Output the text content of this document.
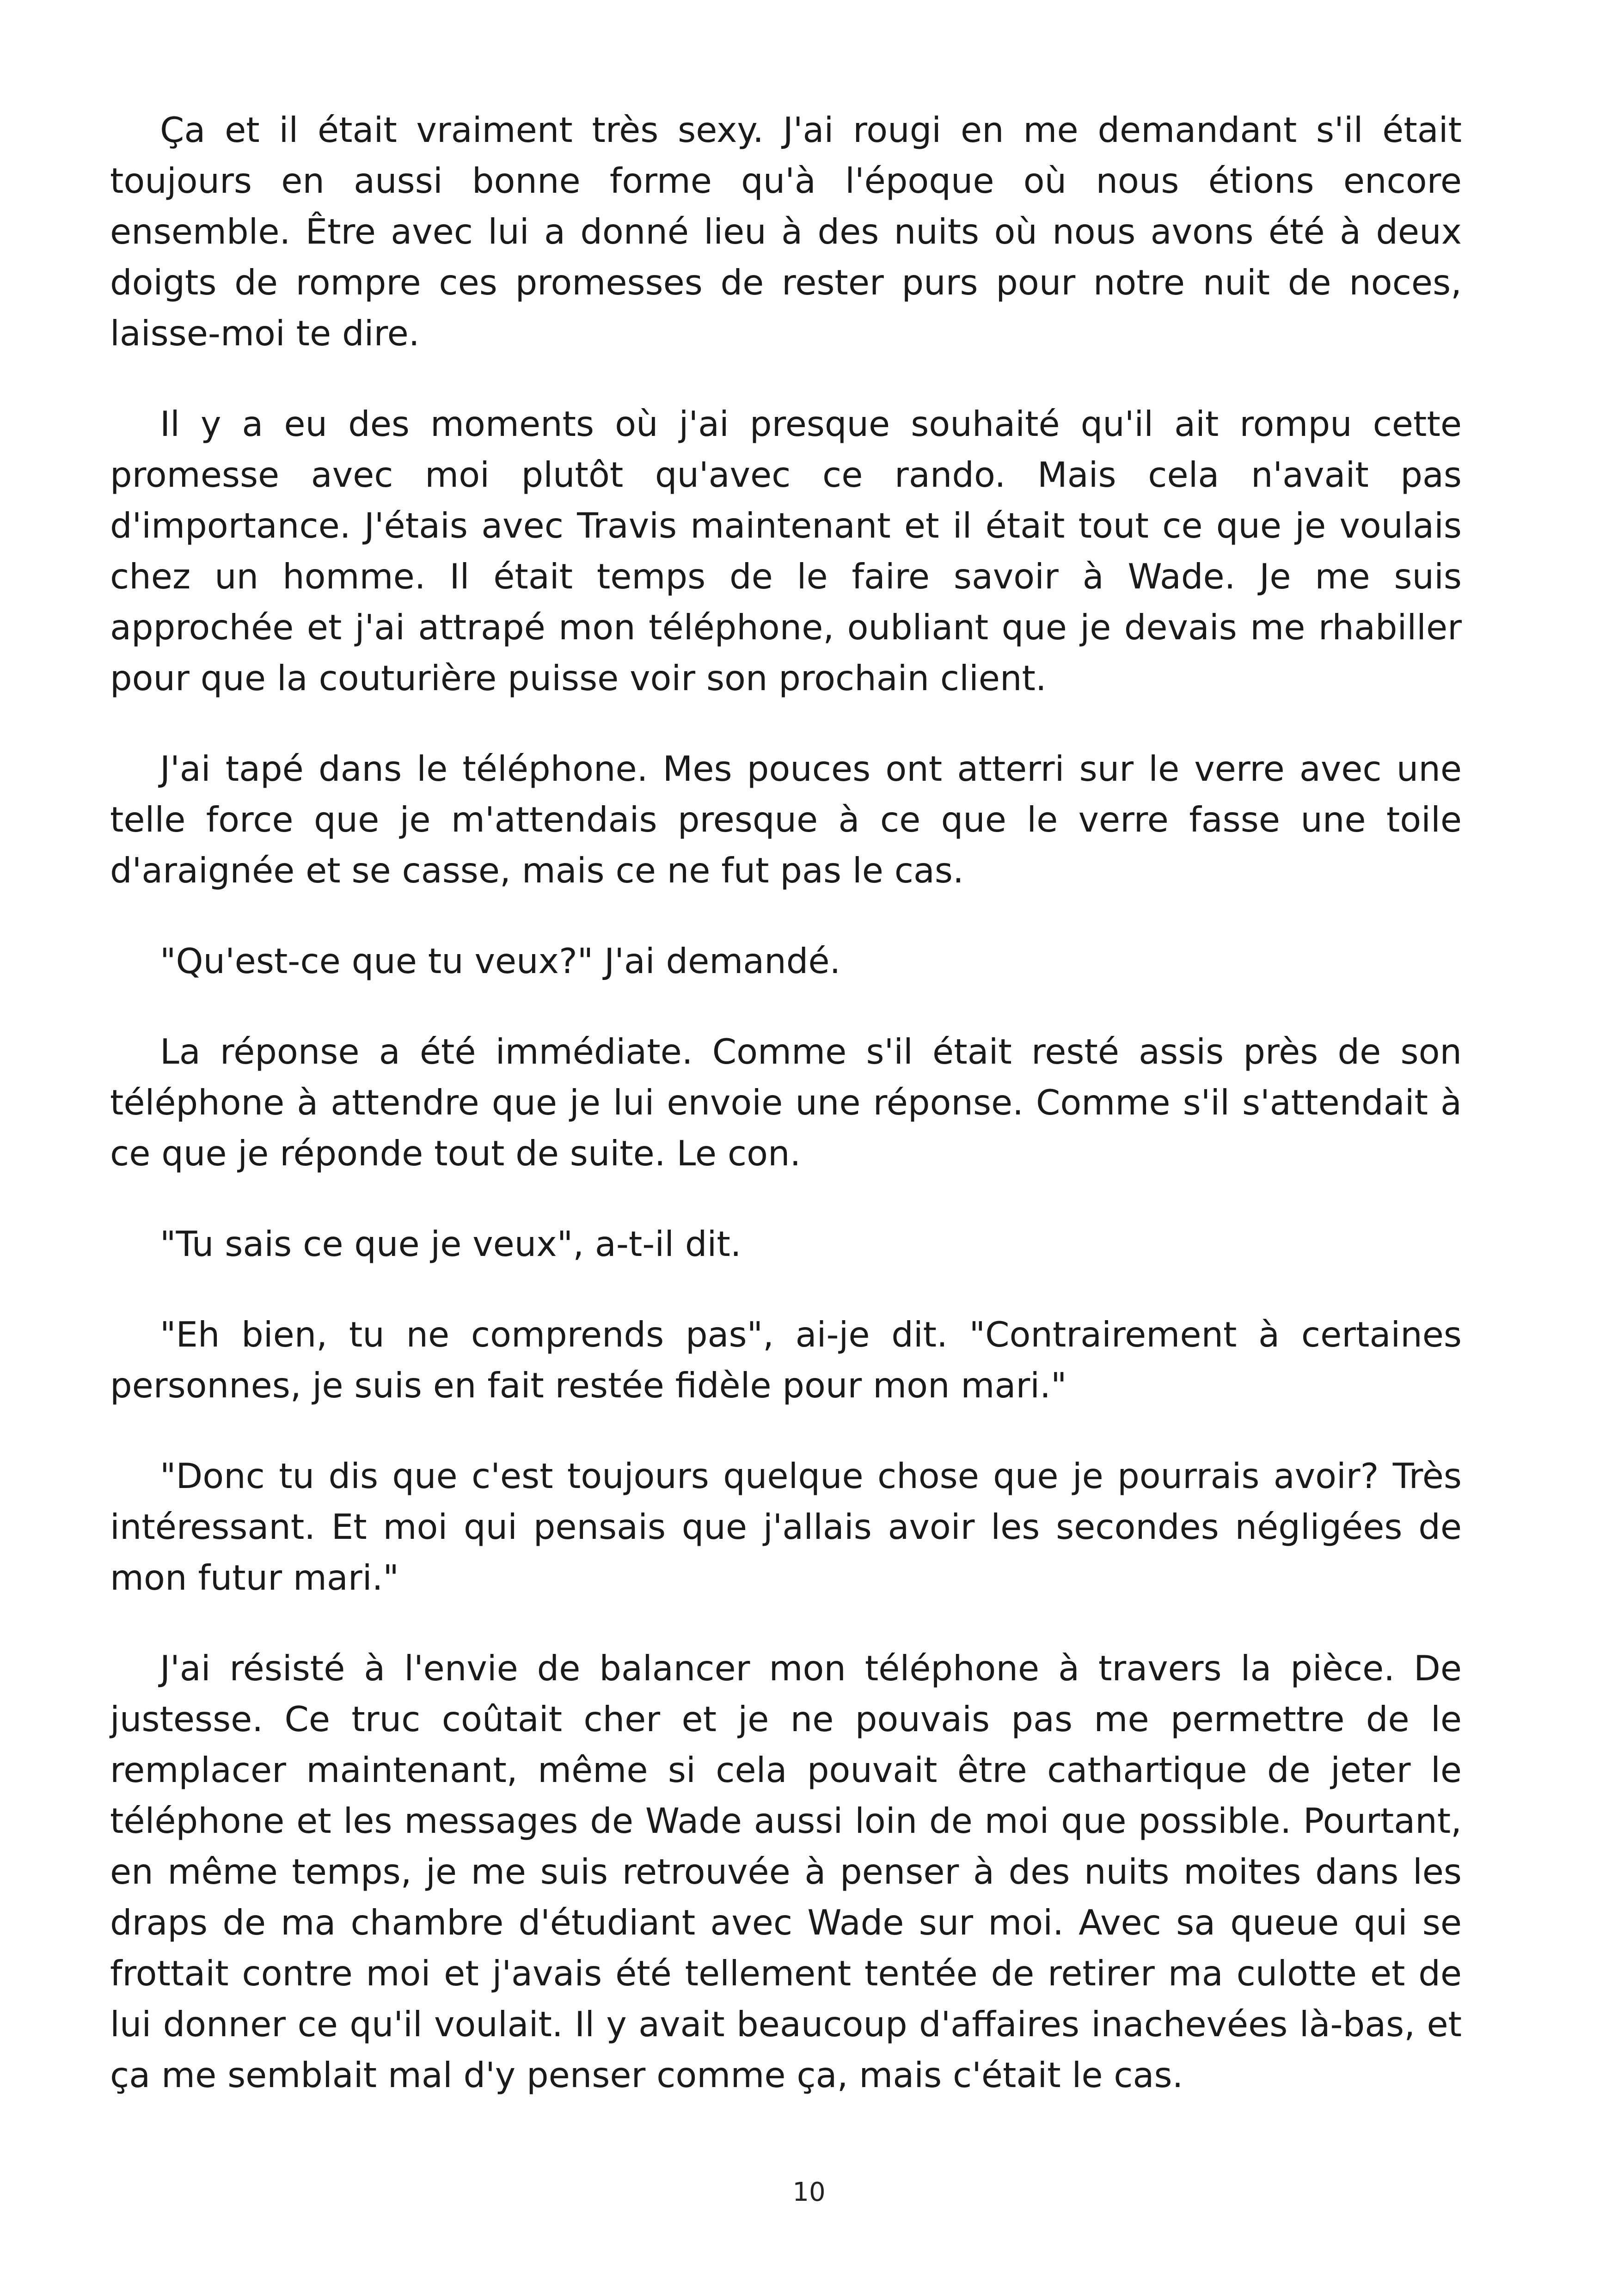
Ça et il était vraiment très sexy. J'ai rougi en me demandant s'il était toujours en aussi bonne forme qu'à l'époque où nous étions encore ensemble. Être avec lui a donné lieu à des nuits où nous avons été à deux doigts de rompre ces promesses de rester purs pour notre nuit de noces, laisse-moi te dire.

Il y a eu des moments où j'ai presque souhaité qu'il ait rompu cette promesse avec moi plutôt qu'avec ce rando. Mais cela n'avait pas d'importance. J'étais avec Travis maintenant et il était tout ce que je voulais chez un homme. Il était temps de le faire savoir à Wade. Je me suis approchée et j'ai attrapé mon téléphone, oubliant que je devais me rhabiller pour que la couturière puisse voir son prochain client.

J'ai tapé dans le téléphone. Mes pouces ont atterri sur le verre avec une telle force que je m'attendais presque à ce que le verre fasse une toile d'araignée et se casse, mais ce ne fut pas le cas.

"Qu'est-ce que tu veux?" J'ai demandé.

La réponse a été immédiate. Comme s'il était resté assis près de son téléphone à attendre que je lui envoie une réponse. Comme s'il s'attendait à ce que je réponde tout de suite. Le con.

"Tu sais ce que je veux", a-t-il dit.

"Eh bien, tu ne comprends pas", ai-je dit. "Contrairement à certaines personnes, je suis en fait restée fidèle pour mon mari."

"Donc tu dis que c'est toujours quelque chose que je pourrais avoir? Très intéressant. Et moi qui pensais que j'allais avoir les secondes négligées de mon futur mari."

J'ai résisté à l'envie de balancer mon téléphone à travers la pièce. De justesse. Ce truc coûtait cher et je ne pouvais pas me permettre de le remplacer maintenant, même si cela pouvait être cathartique de jeter le téléphone et les messages de Wade aussi loin de moi que possible. Pourtant, en même temps, je me suis retrouvée à penser à des nuits moites dans les draps de ma chambre d'étudiant avec Wade sur moi. Avec sa queue qui se frottait contre moi et j'avais été tellement tentée de retirer ma culotte et de lui donner ce qu'il voulait. Il y avait beaucoup d'affaires inachevées là-bas, et ça me semblait mal d'y penser comme ça, mais c'était le cas.

10
